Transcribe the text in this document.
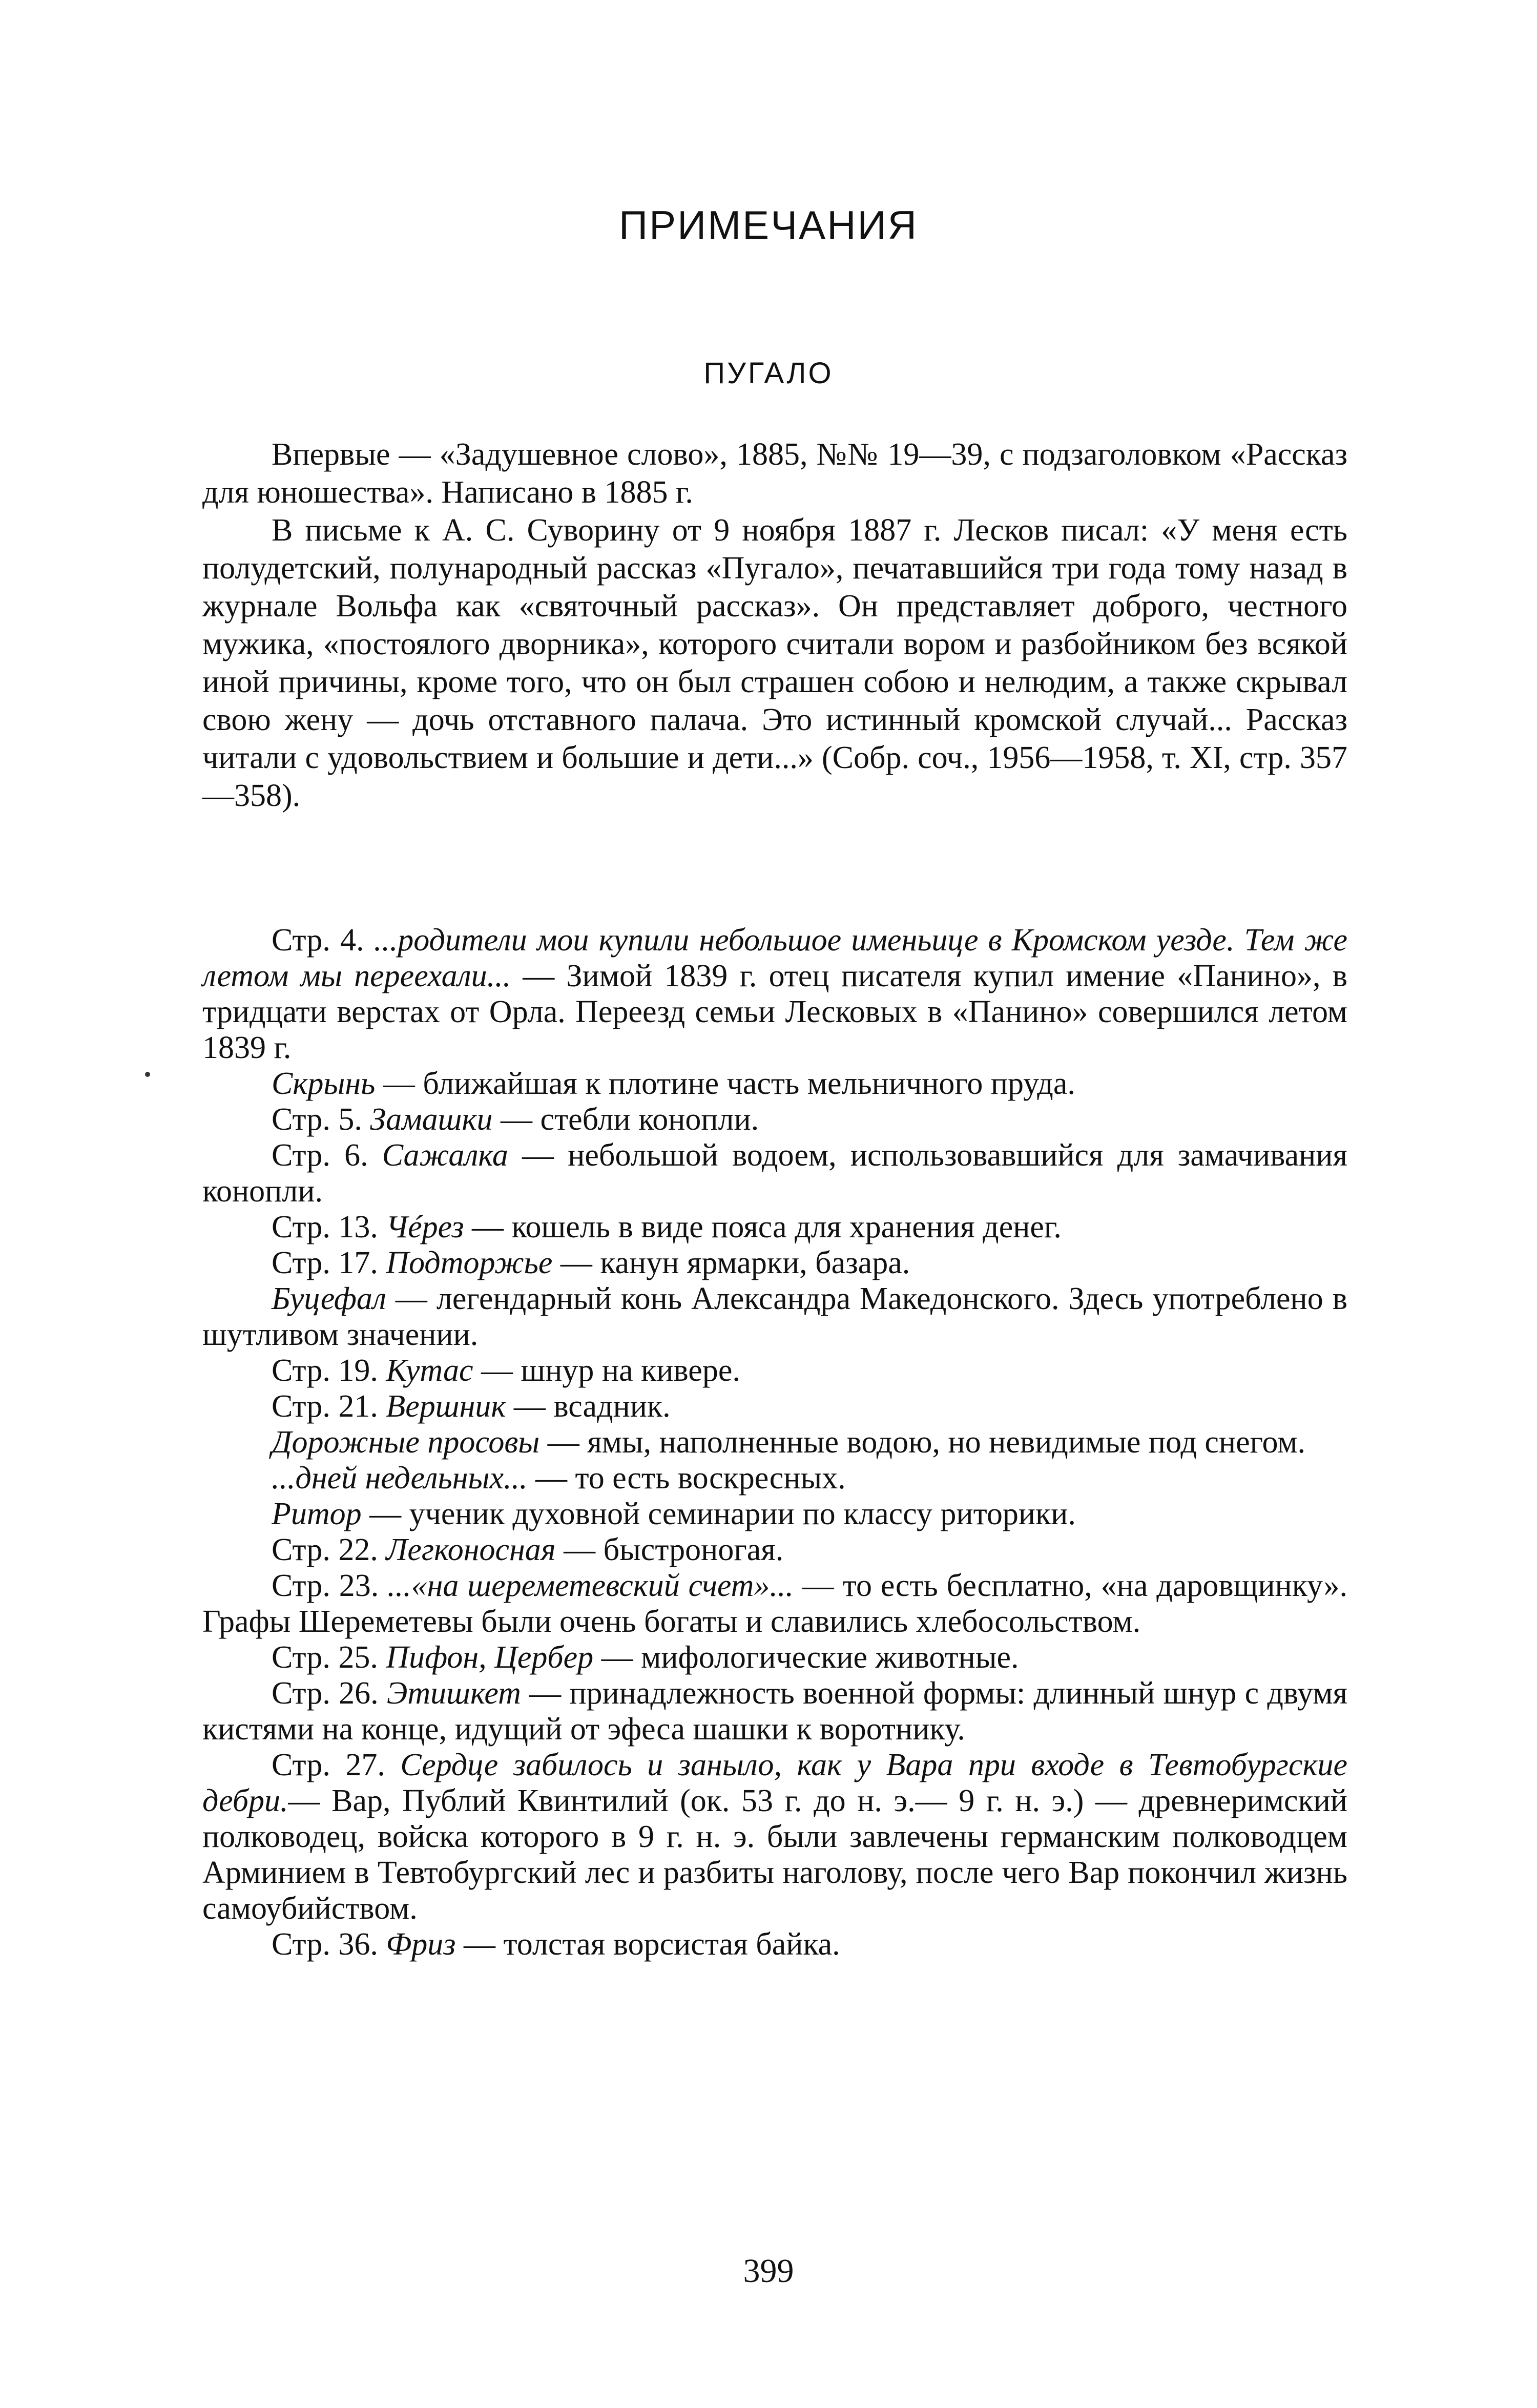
ПРИМЕЧАНИЯ
ПУГАЛО

Впервые — «Задушевное слово», 1885, №№ 19—39, с подзаголовком «Рассказ для юношества». Написано в 1885 г.

В письме к А. С. Суворину от 9 ноября 1887 г. Лесков писал: «У меня есть полудетский, полународный рассказ «Пугало», печатавшийся три года тому назад в журнале Вольфа как «святочный рассказ». Он представляет доброго, честного мужика, «постоялого дворника», которого считали вором и разбойником без всякой иной причины, кроме того, что он был страшен собою и нелюдим, а также скрывал свою жену — дочь отставного палача. Это истинный кромской случай... Рассказ читали с удовольствием и большие и дети...» (Собр. соч., 1956—1958, т. XI, стр. 357—358).

Стр. 4. ...родители мои купили небольшое именьице в Кромском уезде. Тем же летом мы переехали... — Зимой 1839 г. отец писателя купил имение «Панино», в тридцати верстах от Орла. Переезд семьи Лесковых в «Панино» совершился летом 1839 г.

Скрынь — ближайшая к плотине часть мельничного пруда.

Стр. 5. Замашки — стебли конопли.

Стр. 6. Сажалка — небольшой водоем, использовавшийся для замачивания конопли.

Стр. 13. Чéрез — кошель в виде пояса для хранения денег.

Стр. 17. Подторжье — канун ярмарки, базара.

Буцефал — легендарный конь Александра Македонского. Здесь употреблено в шутливом значении.

Стр. 19. Кутас — шнур на кивере.

Стр. 21. Вершник — всадник.

Дорожные просовы — ямы, наполненные водою, но невидимые под снегом.

...дней недельных... — то есть воскресных.

Ритор — ученик духовной семинарии по классу риторики.

Стр. 22. Легконосная — быстроногая.

Стр. 23. ...«на шереметевский счет»... — то есть бесплатно, «на даровщинку». Графы Шереметевы были очень богаты и славились хлебосольством.

Стр. 25. Пифон, Цербер — мифологические животные.

Стр. 26. Этишкет — принадлежность военной формы: длинный шнур с двумя кистями на конце, идущий от эфеса шашки к воротнику.

Стр. 27. Сердце забилось и заныло, как у Вара при входе в Тевтобургские дебри.— Вар, Публий Квинтилий (ок. 53 г. до н. э.— 9 г. н. э.) — древнеримский полководец, войска которого в 9 г. н. э. были завлечены германским полководцем Арминием в Тевтобургский лес и разбиты наголову, после чего Вар покончил жизнь самоубийством.

Стр. 36. Фриз — толстая ворсистая байка.

399
